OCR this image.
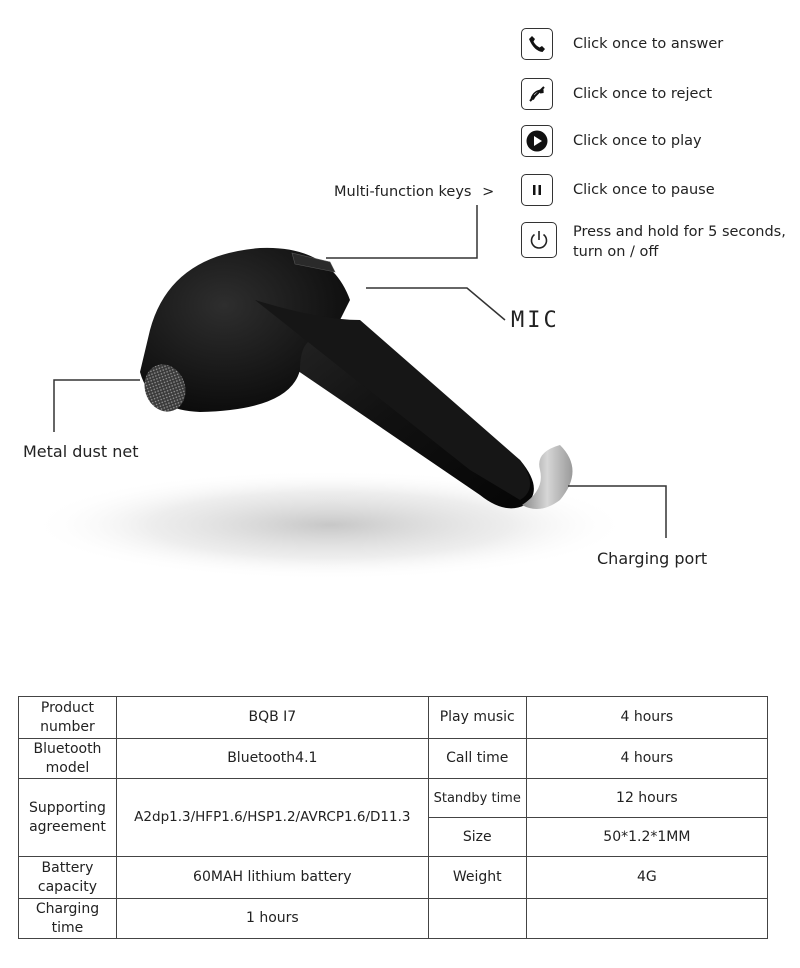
Multi-function keys >
MIC
Metal dust net
Charging port
Click once to answer
Click once to reject
Click once to play
Click once to pause
Press and hold for 5 seconds,
turn on / off
Product
number	BQB I7	Play music	4 hours

Bluetooth
model	Bluetooth4.1	Call time	4 hours

Supporting
agreement	A2dp1.3/HFP1.6/HSP1.2/AVRCP1.6/D11.3	Standby time	12 hours
		Size	50*1.2*1MM

Battery
capacity	60MAH lithium battery	Weight	4G

Charging
time	1 hours		
